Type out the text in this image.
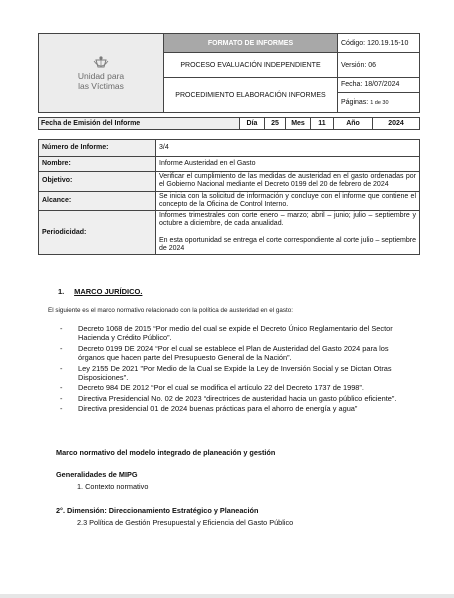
Unidad para
las Víctimas	FORMATO DE INFORMES	Código: 120.19.15-10
	PROCESO EVALUACIÓN INDEPENDIENTE	Versión: 06
	PROCEDIMIENTO ELABORACIÓN INFORMES	Fecha: 18/07/2024
Páginas: 1 de 30
Fecha de Emisión del Informe	Día	25	Mes	11	Año	2024
Número de Informe:	3/4
Nombre:	Informe Austeridad en el Gasto
Objetivo:	Verificar el cumplimiento de las medidas de austeridad en el gasto ordenadas por el Gobierno Nacional mediante el Decreto 0199 del 20 de febrero de 2024
Alcance:	Se inicia con la solicitud de información y concluye con el informe que contiene el concepto de la Oficina de Control Interno.
Periodicidad:	Informes trimestrales con corte enero – marzo; abril – junio; julio – septiembre y octubre a diciembre, de cada anualidad.
En esta oportunidad se entrega el corte correspondiente al corte julio – septiembre de 2024
1. MARCO JURÍDICO.
El siguiente es el marco normativo relacionado con la política de austeridad en el gasto:
- Decreto 1068 de 2015 “Por medio del cual se expide el Decreto Único Reglamentario del Sector Hacienda y Crédito Público”.
- Decreto 0199 DE 2024 “Por el cual se establece el Plan de Austeridad del Gasto 2024 para los órganos que hacen parte del Presupuesto General de la Nación”.
- Ley 2155 De 2021 "Por Medio de la Cual se Expide la Ley de Inversión Social y se Dictan Otras Disposiciones".
- Decreto 984 DE 2012 “Por el cual se modifica el artículo 22 del Decreto 1737 de 1998”.
- Directiva Presidencial No. 02 de 2023 “directrices de austeridad hacia un gasto público eficiente”.
- Directiva presidencial 01 de 2024 buenas prácticas para el ahorro de energía y agua”
Marco normativo del modelo integrado de planeación y gestión
Generalidades de MIPG
1. Contexto normativo
2°. Dimensión: Direccionamiento Estratégico y Planeación
2.3 Política de Gestión Presupuestal y Eficiencia del Gasto Público
